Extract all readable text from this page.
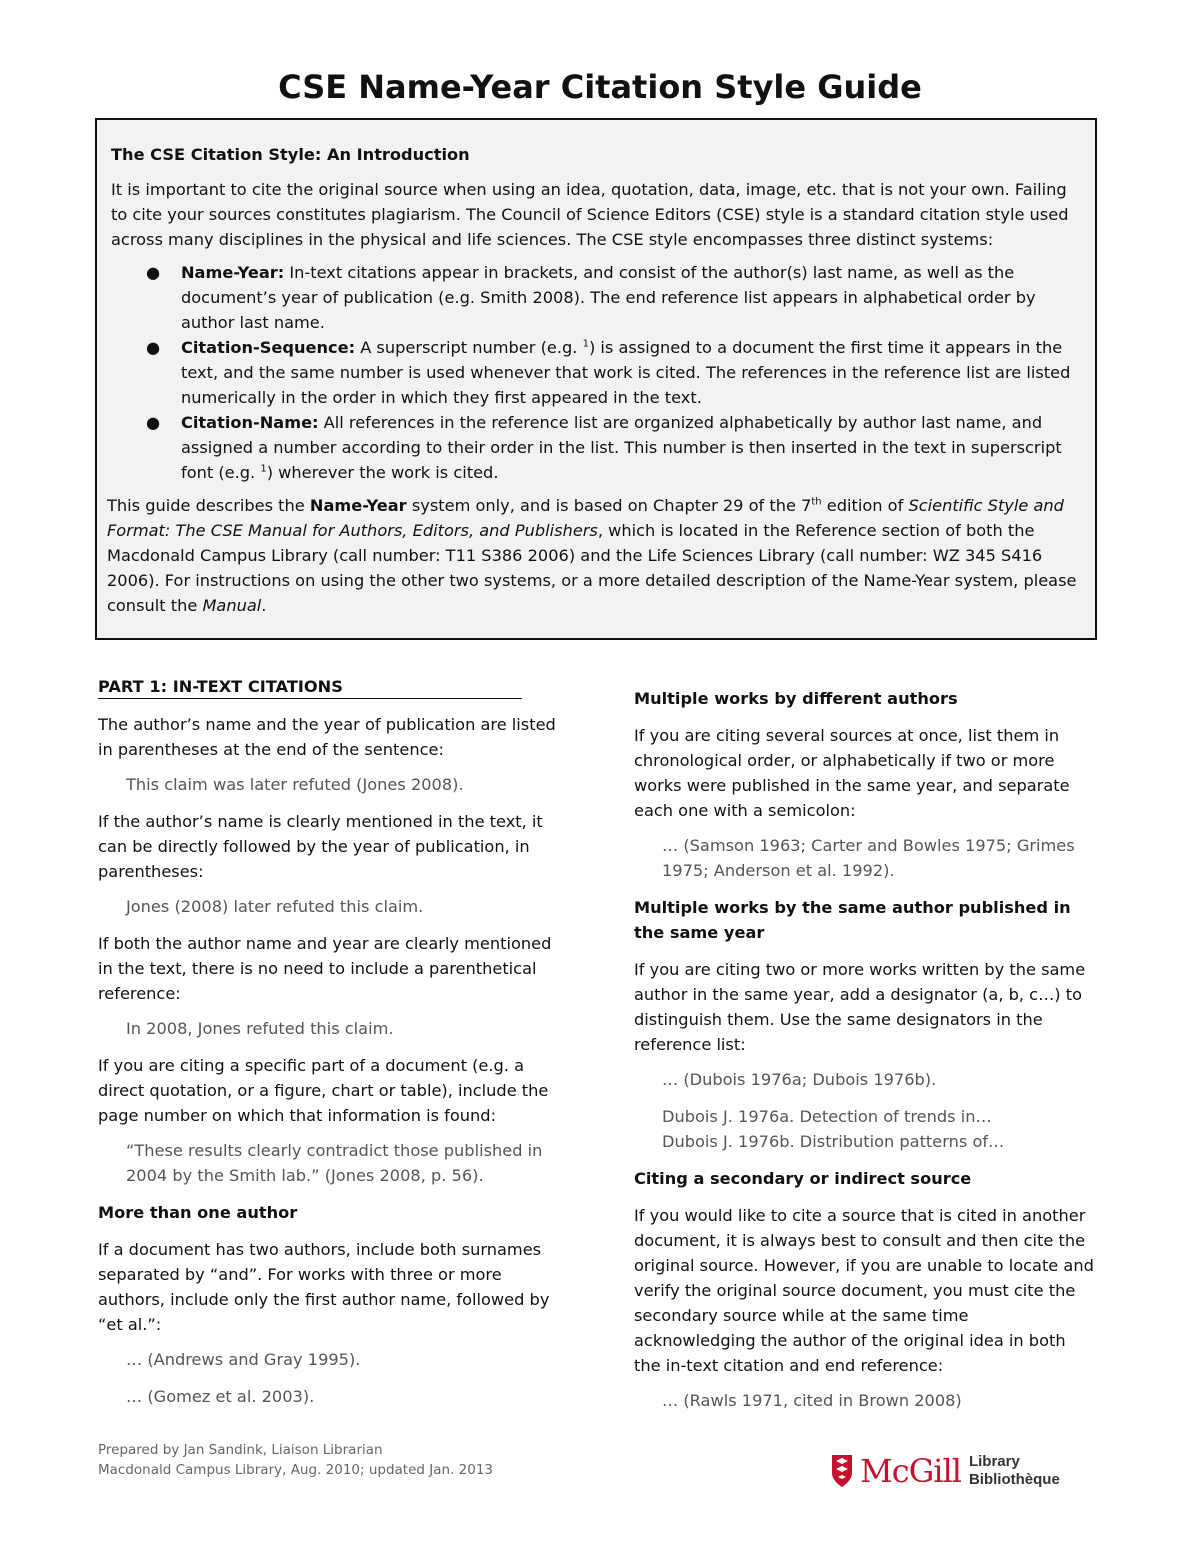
CSE Name-Year Citation Style Guide
The CSE Citation Style: An Introduction

It is important to cite the original source when using an idea, quotation, data, image, etc. that is not your own. Failing to cite your sources constitutes plagiarism. The Council of Science Editors (CSE) style is a standard citation style used across many disciplines in the physical and life sciences. The CSE style encompasses three distinct systems:

● Name-Year: In-text citations appear in brackets, and consist of the author(s) last name, as well as the document’s year of publication (e.g. Smith 2008). The end reference list appears in alphabetical order by author last name.
● Citation-Sequence: A superscript number (e.g. $^1$) is assigned to a document the first time it appears in the text, and the same number is used whenever that work is cited. The references in the reference list are listed numerically in the order in which they first appeared in the text.
● Citation-Name: All references in the reference list are organized alphabetically by author last name, and assigned a number according to their order in the list. This number is then inserted in the text in superscript font (e.g. $^1$) wherever the work is cited.

This guide describes the Name-Year system only, and is based on Chapter 29 of the 7th edition of Scientific Style and Format: The CSE Manual for Authors, Editors, and Publishers, which is located in the Reference section of both the Macdonald Campus Library (call number: T11 S386 2006) and the Life Sciences Library (call number: WZ 345 S416 2006). For instructions on using the other two systems, or a more detailed description of the Name-Year system, please consult the Manual.

PART 1: IN-TEXT CITATIONS

The author’s name and the year of publication are listed in parentheses at the end of the sentence:

This claim was later refuted (Jones 2008).

If the author’s name is clearly mentioned in the text, it can be directly followed by the year of publication, in parentheses:

Jones (2008) later refuted this claim.

If both the author name and year are clearly mentioned in the text, there is no need to include a parenthetical reference:

In 2008, Jones refuted this claim.

If you are citing a specific part of a document (e.g. a direct quotation, or a figure, chart or table), include the page number on which that information is found:

“These results clearly contradict those published in 2004 by the Smith lab.” (Jones 2008, p. 56).

More than one author

If a document has two authors, include both surnames separated by “and”. For works with three or more authors, include only the first author name, followed by “et al.”:

… (Andrews and Gray 1995).

… (Gomez et al. 2003).

Multiple works by different authors

If you are citing several sources at once, list them in chronological order, or alphabetically if two or more works were published in the same year, and separate each one with a semicolon:

… (Samson 1963; Carter and Bowles 1975; Grimes 1975; Anderson et al. 1992).

Multiple works by the same author published in the same year

If you are citing two or more works written by the same author in the same year, add a designator (a, b, c…) to distinguish them. Use the same designators in the reference list:

… (Dubois 1976a; Dubois 1976b).

Dubois J. 1976a. Detection of trends in…

Dubois J. 1976b. Distribution patterns of…

Citing a secondary or indirect source

If you would like to cite a source that is cited in another document, it is always best to consult and then cite the original source. However, if you are unable to locate and verify the original source document, you must cite the secondary source while at the same time acknowledging the author of the original idea in both the in-text citation and end reference:

… (Rawls 1971, cited in Brown 2008)

Prepared by Jan Sandink, Liaison Librarian
Macdonald Campus Library, Aug. 2010; updated Jan. 2013	McGill Library
Bibliothèque
